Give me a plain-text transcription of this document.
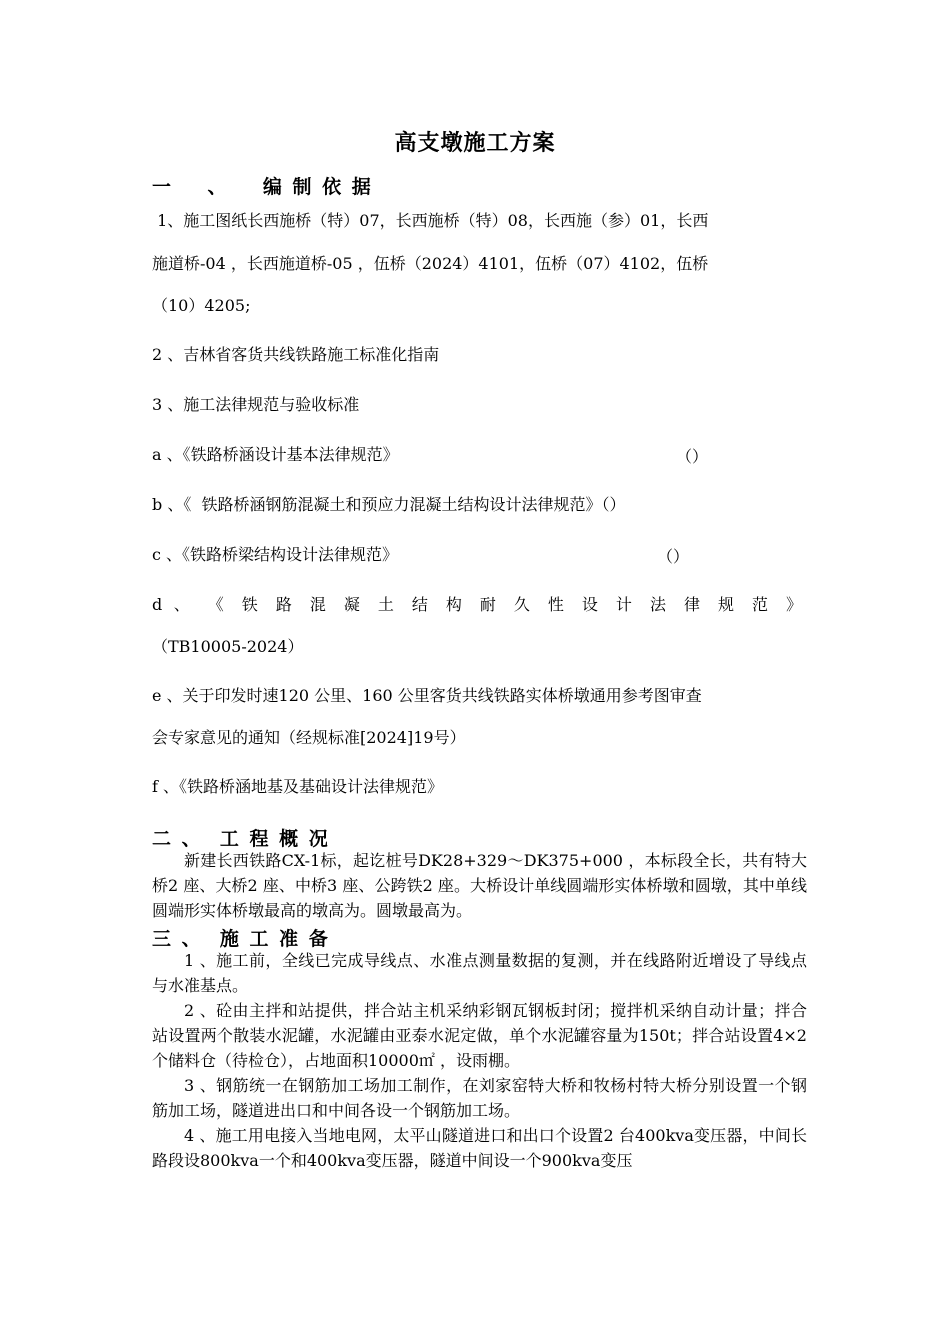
高支墩施工方案
一    、    编 制 依 据
1、施工图纸长西施桥（特）07，长西施桥（特）08，长西施（参）01，长西
施道桥-04 ，长西施道桥-05 ，伍桥（2024）4101，伍桥（07）4102，伍桥
（10）4205;
2 、吉林省客货共线铁路施工标准化指南
3 、施工法律规范与验收标准
a 、《铁路桥涵设计基本法律规范》	（）
b 、《  铁路桥涵钢筋混凝土和预应力混凝土结构设计法律规范》（）
c 、《铁路桥梁结构设计法律规范》	（）
d 、 《 铁 路 混 凝 土 结 构 耐 久 性 设 计 法 律 规 范 》
（TB10005-2024）
e 、关于印发时速120 公里、160 公里客货共线铁路实体桥墩通用参考图审查
会专家意见的通知（经规标准[2024]19号）
f 、《铁路桥涵地基及基础设计法律规范》
二 、  工 程 概 况
新建长西铁路CX-1标，起讫桩号DK28+329～DK375+000 ，本标段全长，共有特大桥2 座、大桥2 座、中桥3 座、公跨铁2 座。大桥设计单线圆端形实体桥墩和圆墩，其中单线圆端形实体桥墩最高的墩高为。圆墩最高为。
三 、  施 工 准 备
1 、施工前，全线已完成导线点、水准点测量数据的复测，并在线路附近增设了导线点与水准基点。
2 、砼由主拌和站提供，拌合站主机采纳彩钢瓦钢板封闭；搅拌机采纳自动计量；拌合站设置两个散装水泥罐，水泥罐由亚泰水泥定做，单个水泥罐容量为150t；拌合站设置4×2个储料仓（待检仓），占地面积10000㎡ ，设雨棚。
3 、钢筋统一在钢筋加工场加工制作，在刘家窑特大桥和牧杨村特大桥分别设置一个钢筋加工场，隧道进出口和中间各设一个钢筋加工场。
4 、施工用电接入当地电网，太平山隧道进口和出口个设置2 台400kva变压器，中间长路段设800kva一个和400kva变压器，隧道中间设一个900kva变压
